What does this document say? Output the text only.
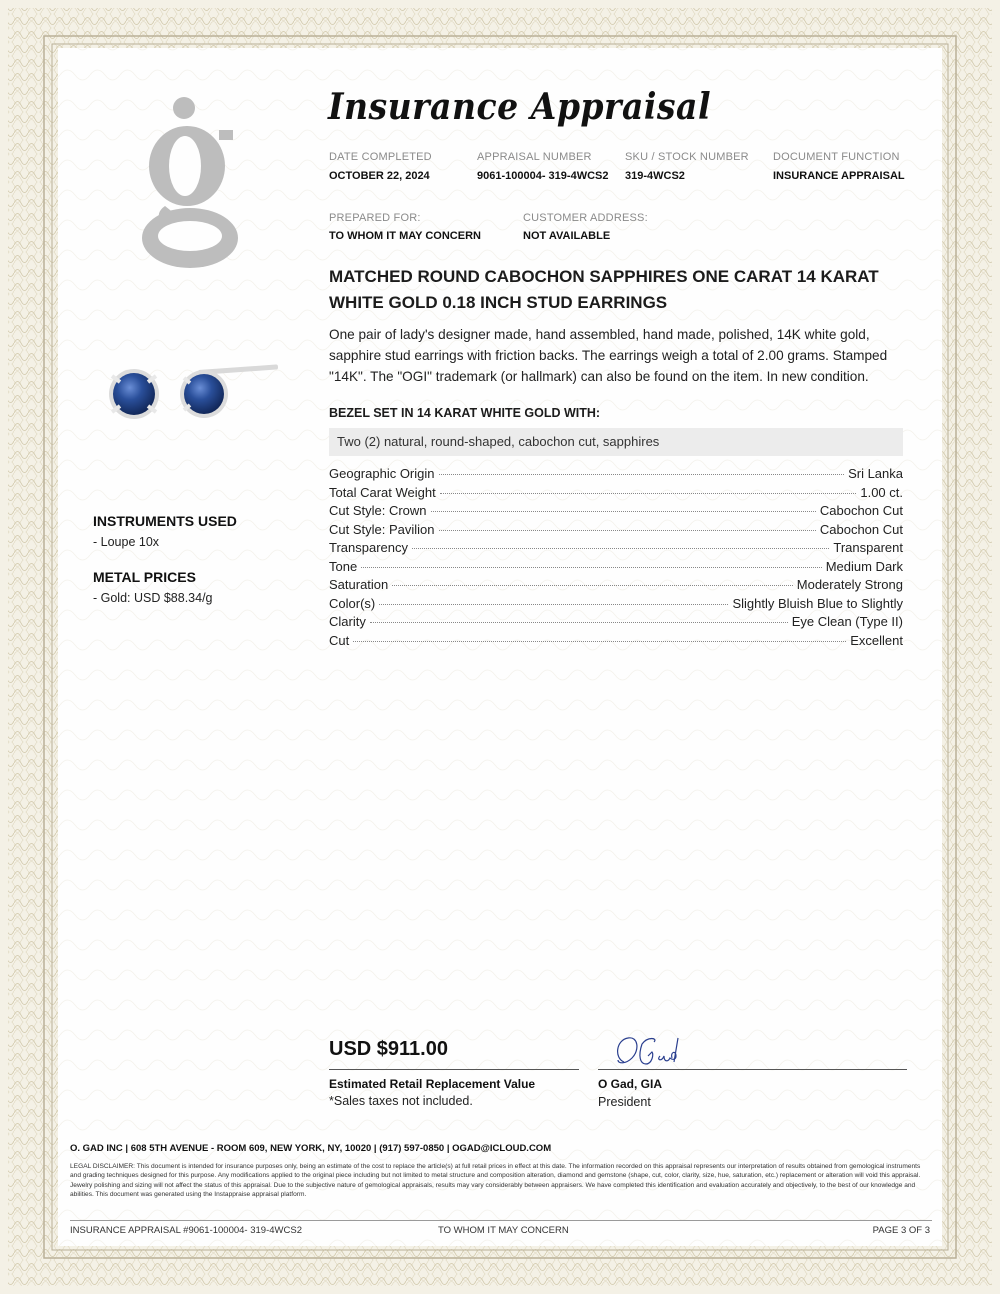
INSTRUMENTS USED
- Loupe 10x
METAL PRICES
- Gold: USD $88.34/g
Insurance Appraisal
DATE COMPLETED
OCTOBER 22, 2024
APPRAISAL NUMBER
9061-100004- 319-4WCS2
SKU / STOCK NUMBER
319-4WCS2
DOCUMENT FUNCTION
INSURANCE APPRAISAL
PREPARED FOR:
TO WHOM IT MAY CONCERN
CUSTOMER ADDRESS:
NOT AVAILABLE
MATCHED ROUND CABOCHON SAPPHIRES ONE CARAT 14 KARAT WHITE GOLD 0.18 INCH STUD EARRINGS
One pair of lady's designer made, hand assembled, hand made, polished, 14K white gold, sapphire stud earrings with friction backs. The earrings weigh a total of 2.00 grams. Stamped "14K". The "OGI" trademark (or hallmark) can also be found on the item. In new condition.
BEZEL SET IN 14 KARAT WHITE GOLD WITH:
Two (2) natural, round-shaped, cabochon cut, sapphires
Geographic Origin	Sri Lanka
Total Carat Weight	1.00 ct.
Cut Style: Crown	Cabochon Cut
Cut Style: Pavilion	Cabochon Cut
Transparency	Transparent
Tone	Medium Dark
Saturation	Moderately Strong
Color(s)	Slightly Bluish Blue to Slightly
Clarity	Eye Clean (Type II)
Cut	Excellent
USD $911.00
Estimated Retail Replacement Value
*Sales taxes not included.
O Gad, GIA
President
O. GAD INC | 608 5TH AVENUE - ROOM 609, NEW YORK, NY, 10020 | (917) 597-0850 | OGAD@ICLOUD.COM
LEGAL DISCLAIMER: This document is intended for insurance purposes only, being an estimate of the cost to replace the article(s) at full retail prices in effect at this date. The information recorded on this appraisal represents our interpretation of results obtained from gemological instruments and grading techniques designed for this purpose. Any modifications applied to the original piece including but not limited to metal structure and composition alteration, diamond and gemstone (shape, cut, color, clarity, size, hue, saturation, etc.) replacement or alteration will void this appraisal. Jewelry polishing and sizing will not affect the status of this appraisal. Due to the subjective nature of gemological appraisals, results may vary considerably between appraisers. We have completed this identification and evaluation accurately and objectively, to the best of our knowledge and abilities. This document was generated using the Instappraise appraisal platform.
INSURANCE APPRAISAL #9061-100004- 319-4WCS2	TO WHOM IT MAY CONCERN	PAGE 3 OF 3
